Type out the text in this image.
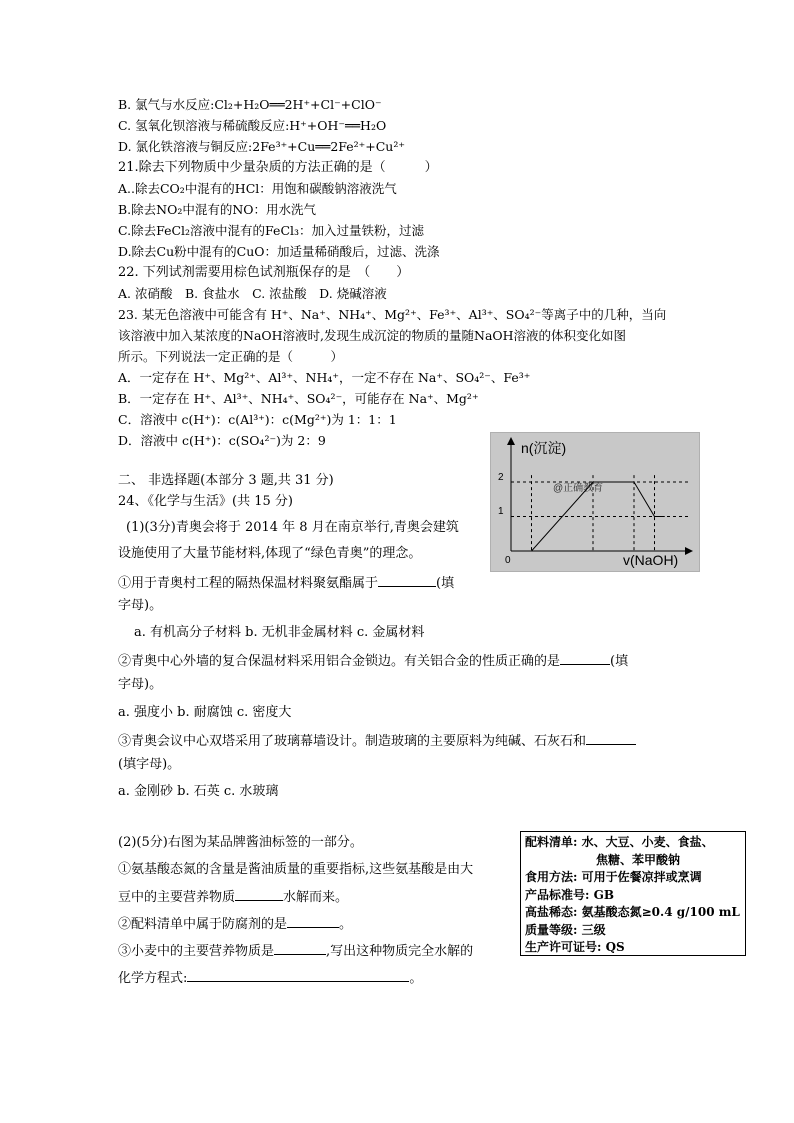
B. 氯气与水反应:Cl₂+H₂O══2H⁺+Cl⁻+ClO⁻
C. 氢氧化钡溶液与稀硫酸反应:H⁺+OH⁻══H₂O
D. 氯化铁溶液与铜反应:2Fe³⁺+Cu══2Fe²⁺+Cu²⁺
21.除去下列物质中少量杂质的方法正确的是（　　　）
A..除去CO₂中混有的HCl：用饱和碳酸钠溶液洗气
B.除去NO₂中混有的NO：用水洗气
C.除去FeCl₂溶液中混有的FeCl₃：加入过量铁粉，过滤
D.除去Cu粉中混有的CuO：加适量稀硝酸后，过滤、洗涤
22. 下列试剂需要用棕色试剂瓶保存的是　（　　）
A. 浓硝酸　B. 食盐水　C. 浓盐酸　D. 烧碱溶液
23. 某无色溶液中可能含有 H⁺、Na⁺、NH₄⁺、Mg²⁺、Fe³⁺、Al³⁺、SO₄²⁻等离子中的几种，当向
该溶液中加入某浓度的NaOH溶液时,发现生成沉淀的物质的量随NaOH溶液的体积变化如图
所示。下列说法一定正确的是（　　　）
A．一定存在 H⁺、Mg²⁺、Al³⁺、NH₄⁺，一定不存在 Na⁺、SO₄²⁻、Fe³⁺
B．一定存在 H⁺、Al³⁺、NH₄⁺、SO₄²⁻，可能存在 Na⁺、Mg²⁺
C．溶液中 c(H⁺)：c(Al³⁺)：c(Mg²⁺)为 1：1：1
D．溶液中 c(H⁺)：c(SO₄²⁻)为 2：9	n(沉淀)
v(NaOH)
2
1
0
@正确教育
二、 非选择题(本部分 3 题,共 31 分)
24、《化学与生活》(共 15 分)
(1)(3分)青奥会将于 2014 年 8 月在南京举行,青奥会建筑
设施使用了大量节能材料,体现了“绿色青奥”的理念。
①用于青奥村工程的隔热保温材料聚氨酯属于	(填
字母)。
a. 有机高分子材料 b. 无机非金属材料 c. 金属材料
②青奥中心外墙的复合保温材料采用铝合金锁边。有关铝合金的性质正确的是	(填
字母)。
a. 强度小 b. 耐腐蚀 c. 密度大
③青奥会议中心双塔采用了玻璃幕墙设计。制造玻璃的主要原料为纯碱、石灰石和
(填字母)。
a. 金刚砂 b. 石英 c. 水玻璃
(2)(5分)右图为某品牌酱油标签的一部分。
①氨基酸态氮的含量是酱油质量的重要指标,这些氨基酸是由大
豆中的主要营养物质	水解而来。
②配料清单中属于防腐剂的是	。
③小麦中的主要营养物质是	,写出这种物质完全水解的
化学方程式:	。
配料清单: 水、大豆、小麦、食盐、
焦糖、苯甲酸钠
食用方法: 可用于佐餐凉拌或烹调
产品标准号: GB
高盐稀态: 氨基酸态氮≥0.4 g/100 mL
质量等级: 三级
生产许可证号: QS
